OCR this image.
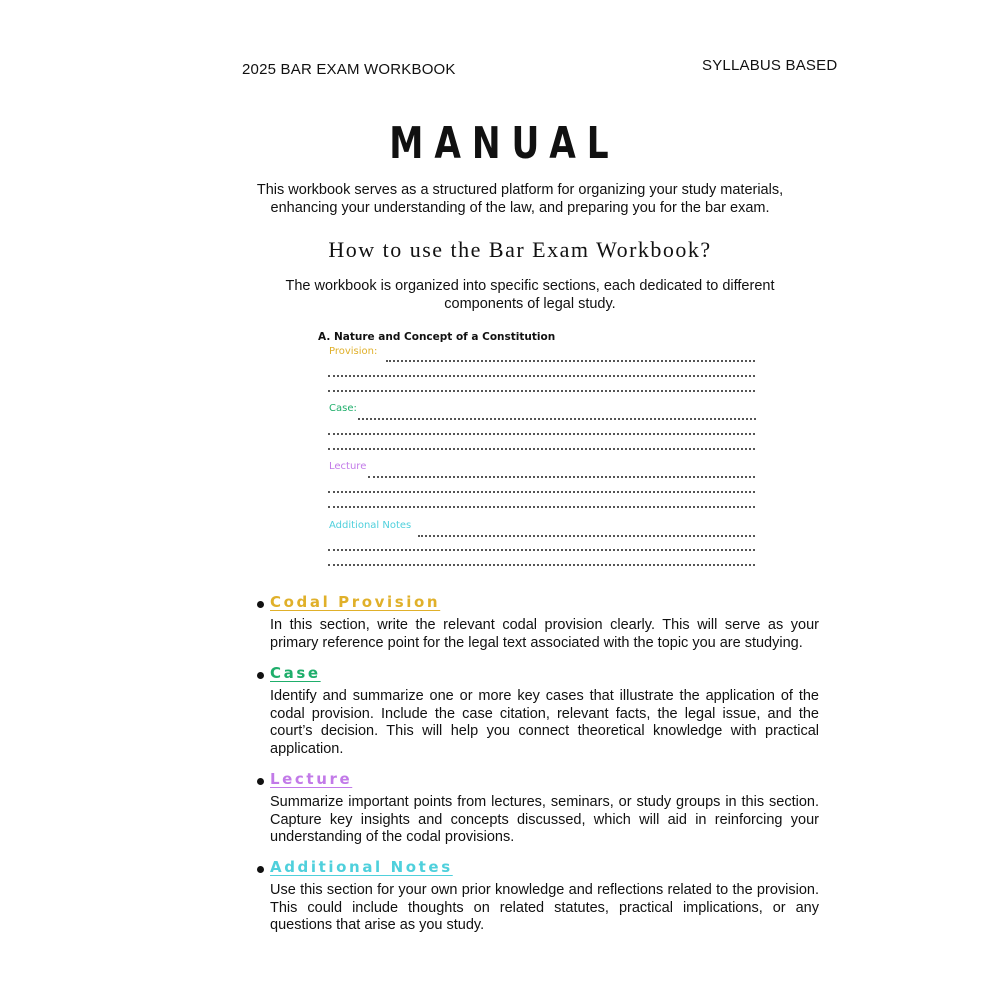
2025 BAR EXAM WORKBOOK	SYLLABUS BASED
MANUAL
This workbook serves as a structured platform for organizing your study materials, enhancing your understanding of the law, and preparing you for the bar exam.
How to use the Bar Exam Workbook?
The workbook is organized into specific sections, each dedicated to different components of legal study.
A. Nature and Concept of a Constitution
Provision:
Case:
Lecture
Additional Notes
Codal Provision
In this section, write the relevant codal provision clearly. This will serve as your primary reference point for the legal text associated with the topic you are studying.
Case
Identify and summarize one or more key cases that illustrate the application of the codal provision. Include the case citation, relevant facts, the legal issue, and the court’s decision. This will help you connect theoretical knowledge with practical application.
Lecture
Summarize important points from lectures, seminars, or study groups in this section. Capture key insights and concepts discussed, which will aid in reinforcing your understanding of the codal provisions.
Additional Notes
Use this section for your own prior knowledge and reflections related to the provision. This could include thoughts on related statutes, practical implications, or any questions that arise as you study.
